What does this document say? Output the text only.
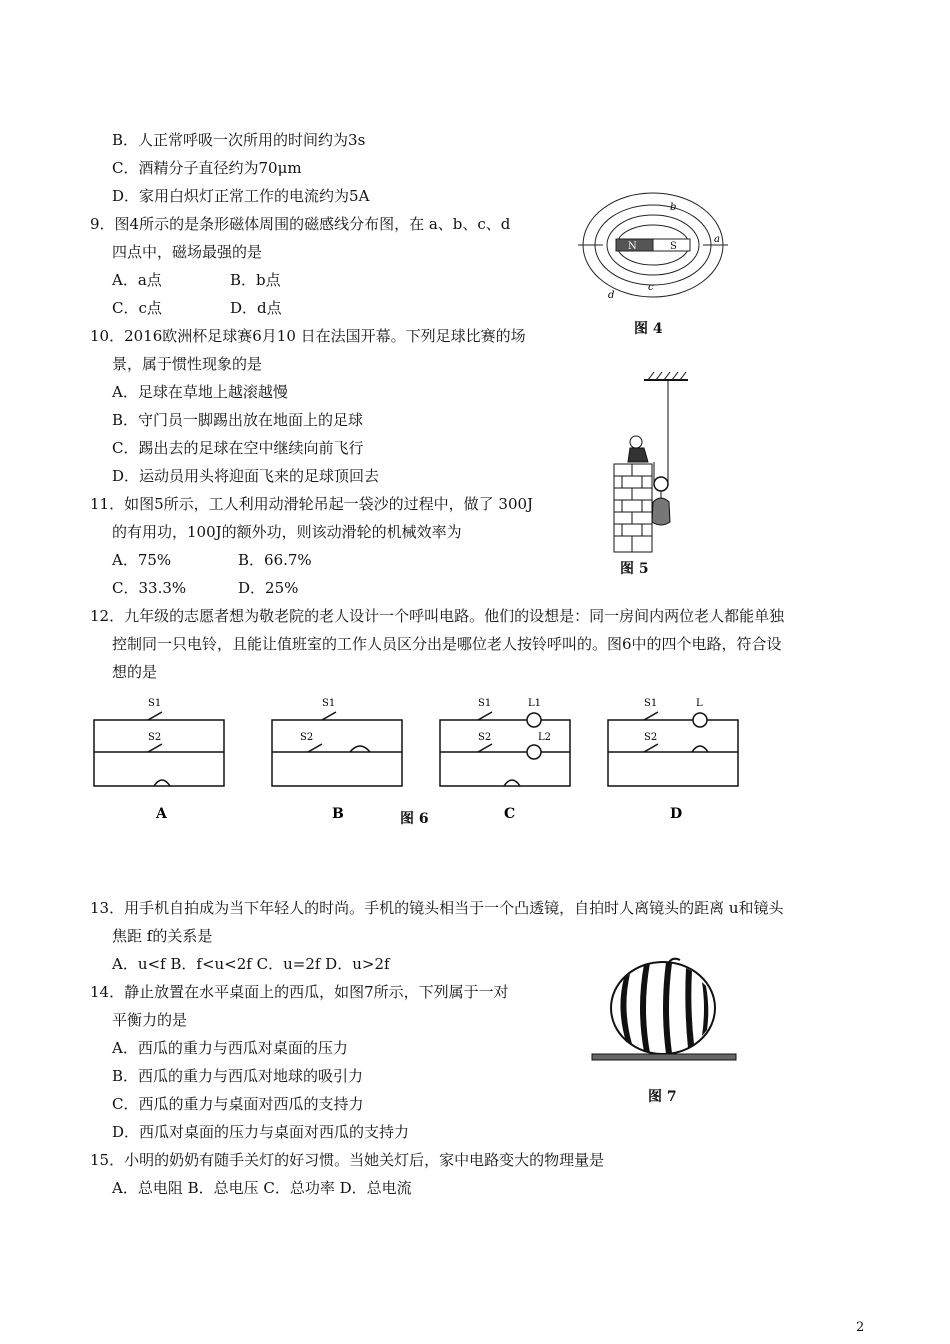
B．人正常呼吸一次所用的时间约为3s
C．酒精分子直径约为70μm
D．家用白炽灯正常工作的电流约为5A
9．图4所示的是条形磁体周围的磁感线分布图，在 a、b、c、d
四点中，磁场最强的是
A．a点	B．b点
C．c点	D．d点
N	S
a
b
c
d
图 4
10．2016欧洲杯足球赛6月10 日在法国开幕。下列足球比赛的场
景，属于惯性现象的是
A．足球在草地上越滚越慢
B．守门员一脚踢出放在地面上的足球
C．踢出去的足球在空中继续向前飞行
D．运动员用头将迎面飞来的足球顶回去
图 5
11．如图5所示，工人利用动滑轮吊起一袋沙的过程中，做了 300J
的有用功，100J的额外功，则该动滑轮的机械效率为
A．75%	B．66.7%
C．33.3%	D．25%
12．九年级的志愿者想为敬老院的老人设计一个呼叫电路。他们的设想是：同一房间内两位老人都能单独
控制同一只电铃，且能让值班室的工作人员区分出是哪位老人按铃呼叫的。图6中的四个电路，符合设
想的是
S1
S2
S1
S2
S1
S2
L1
L2
S1
S2
L
A	B	C	D
图 6
13．用手机自拍成为当下年轻人的时尚。手机的镜头相当于一个凸透镜，自拍时人离镜头的距离 u和镜头
焦距 f的关系是
A．u<f B．f<u<2f C．u=2f D．u>2f
14．静止放置在水平桌面上的西瓜，如图7所示，下列属于一对
平衡力的是
A．西瓜的重力与西瓜对桌面的压力
B．西瓜的重力与西瓜对地球的吸引力
C．西瓜的重力与桌面对西瓜的支持力
D．西瓜对桌面的压力与桌面对西瓜的支持力
图 7
15．小明的奶奶有随手关灯的好习惯。当她关灯后，家中电路变大的物理量是
A．总电阻 B．总电压 C．总功率 D．总电流
2
